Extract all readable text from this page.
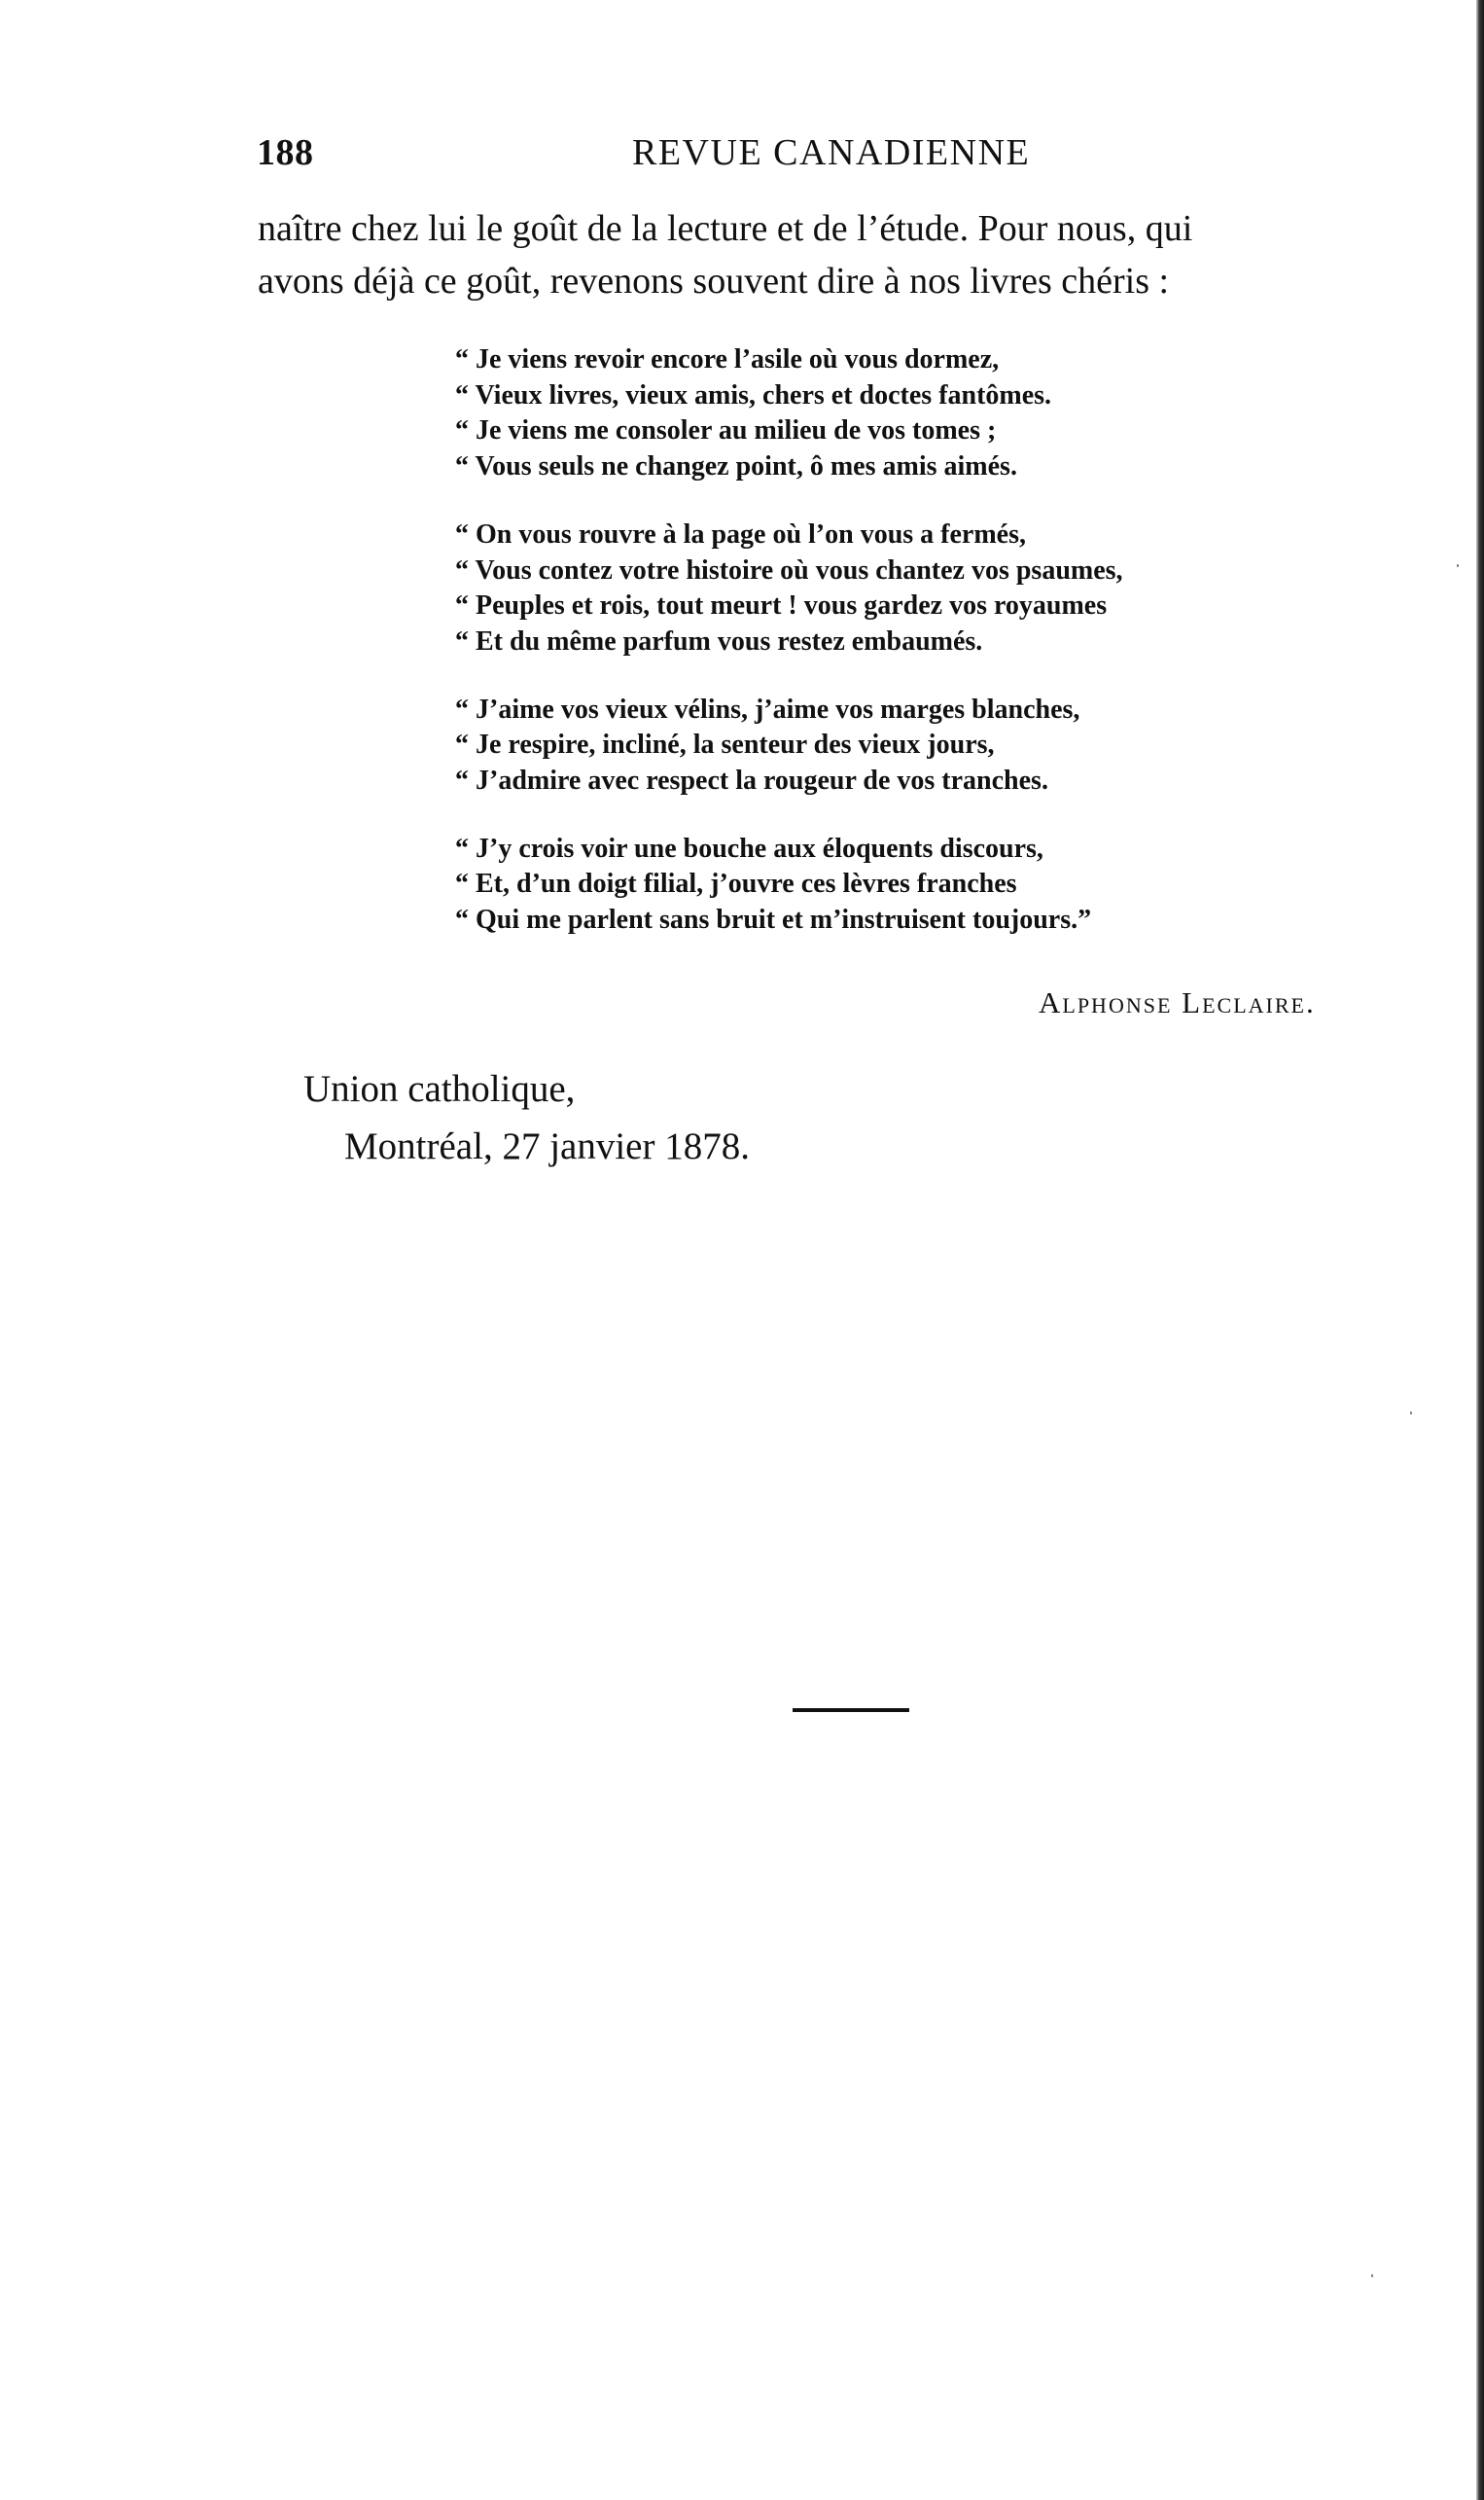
188	REVUE CANADIENNE

naître chez lui le goût de la lecture et de l’étude. Pour nous, qui

avons déjà ce goût, revenons souvent dire à nos livres chéris :

“ Je viens revoir encore l’asile où vous dormez,
“ Vieux livres, vieux amis, chers et doctes fantômes.
“ Je viens me consoler au milieu de vos tomes ;
“ Vous seuls ne changez point, ô mes amis aimés.
“ On vous rouvre à la page où l’on vous a fermés,
“ Vous contez votre histoire où vous chantez vos psaumes,
“ Peuples et rois, tout meurt ! vous gardez vos royaumes
“ Et du même parfum vous restez embaumés.
“ J’aime vos vieux vélins, j’aime vos marges blanches,
“ Je respire, incliné, la senteur des vieux jours,
“ J’admire avec respect la rougeur de vos tranches.
“ J’y crois voir une bouche aux éloquents discours,
“ Et, d’un doigt filial, j’ouvre ces lèvres franches
“ Qui me parlent sans bruit et m’instruisent toujours.”
Alphonse Leclaire.
Union catholique,
Montréal, 27 janvier 1878.
